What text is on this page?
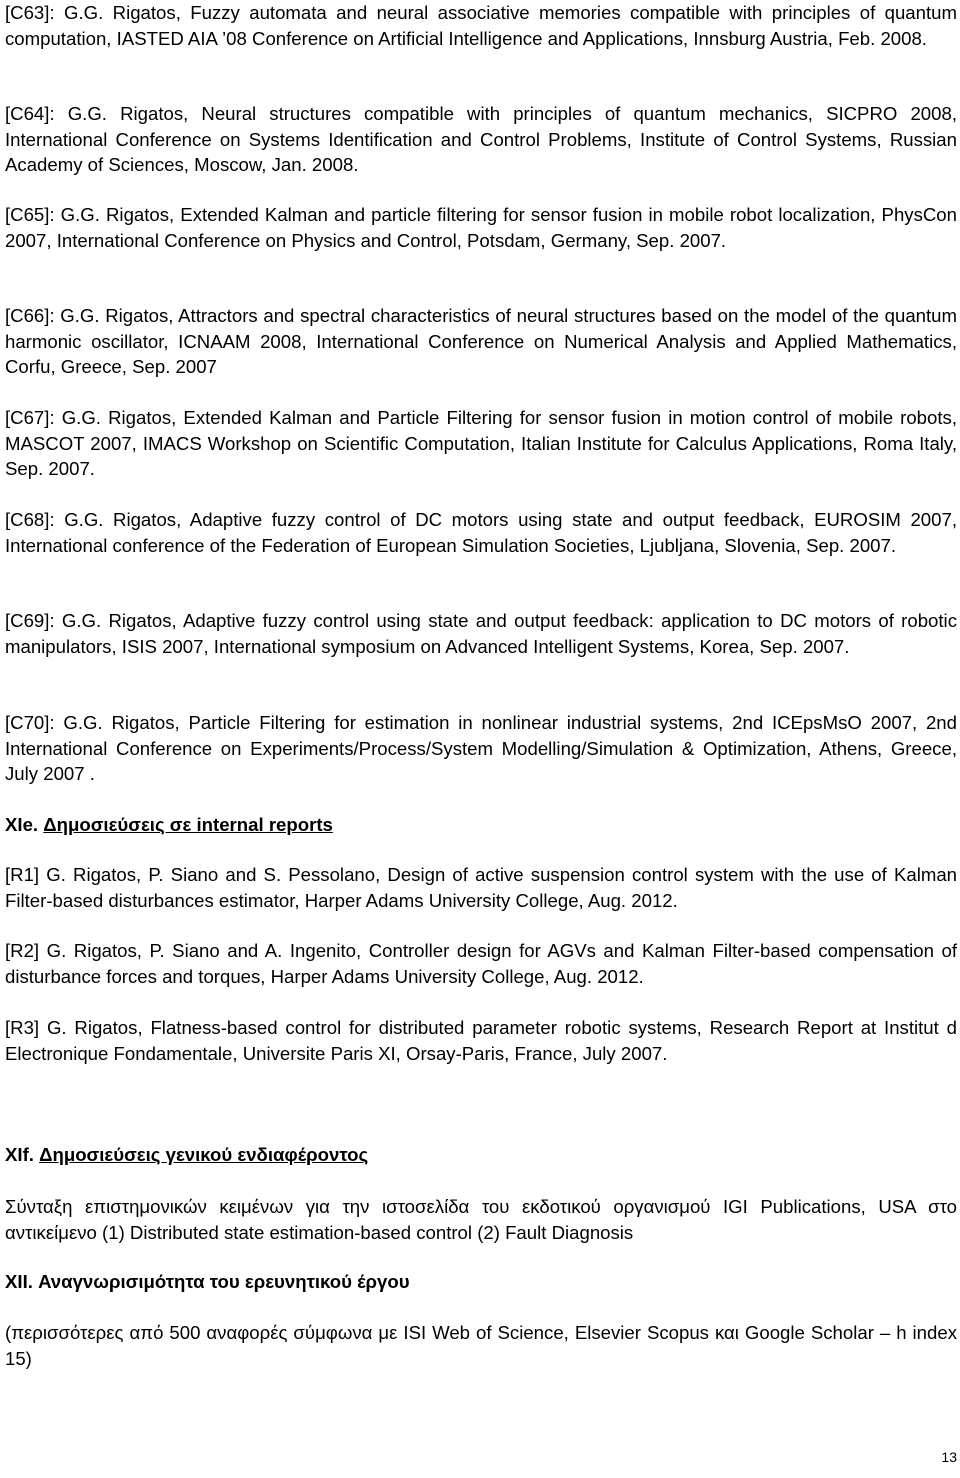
[C63]: G.G. Rigatos, Fuzzy automata and neural associative memories compatible with principles of quantum computation, IASTED AIA ’08 Conference on Artificial Intelligence and Applications, Innsburg Austria, Feb. 2008.

[C64]: G.G. Rigatos, Neural structures compatible with principles of quantum mechanics, SICPRO 2008, International Conference on Systems Identification and Control Problems, Institute of Control Systems, Russian Academy of Sciences, Moscow, Jan. 2008.

[C65]: G.G. Rigatos, Extended Kalman and particle filtering for sensor fusion in mobile robot localization, PhysCon 2007, International Conference on Physics and Control, Potsdam, Germany, Sep. 2007.

[C66]: G.G. Rigatos, Attractors and spectral characteristics of neural structures based on the model of the quantum harmonic oscillator, ICNAAM 2008, International Conference on Numerical Analysis and Applied Mathematics, Corfu, Greece, Sep. 2007

[C67]: G.G. Rigatos, Extended Kalman and Particle Filtering for sensor fusion in motion control of mobile robots, MASCOT 2007, IMACS Workshop on Scientific Computation, Italian Institute for Calculus Applications, Roma Italy, Sep. 2007.

[C68]: G.G. Rigatos, Adaptive fuzzy control of DC motors using state and output feedback, EUROSIM 2007, International conference of the Federation of European Simulation Societies, Ljubljana, Slovenia, Sep. 2007.

[C69]: G.G. Rigatos, Adaptive fuzzy control using state and output feedback: application to DC motors of robotic manipulators, ISIS 2007, International symposium on Advanced Intelligent Systems, Korea, Sep. 2007.

[C70]: G.G. Rigatos, Particle Filtering for estimation in nonlinear industrial systems, 2nd ICEpsMsO 2007, 2nd International Conference on Experiments/Process/System Modelling/Simulation & Optimization, Athens, Greece, July 2007 .

XIe. Δημοσιεύσεις σε internal reports

[R1] G. Rigatos, P. Siano and S. Pessolano, Design of active suspension control system with the use of Kalman Filter-based disturbances estimator, Harper Adams University College, Aug. 2012.

[R2] G. Rigatos, P. Siano and A. Ingenito, Controller design for AGVs and Kalman Filter-based compensation of disturbance forces and torques, Harper Adams University College, Aug. 2012.

[R3] G. Rigatos, Flatness-based control for distributed parameter robotic systems, Research Report at Institut d Electronique Fondamentale, Universite Paris XI, Orsay-Paris, France, July 2007.

XIf. Δημοσιεύσεις γενικού ενδιαφέροντος

Σύνταξη επιστημονικών κειμένων για την ιστοσελίδα του εκδοτικού οργανισμού IGI Publications, USA στο αντικείμενο (1) Distributed state estimation-based control (2) Fault Diagnosis

XII. Αναγνωρισιμότητα του ερευνητικού έργου

(περισσότερες από 500 αναφορές σύμφωνα με ISI Web of Science, Elsevier Scopus και Google Scholar – h index 15)

13
